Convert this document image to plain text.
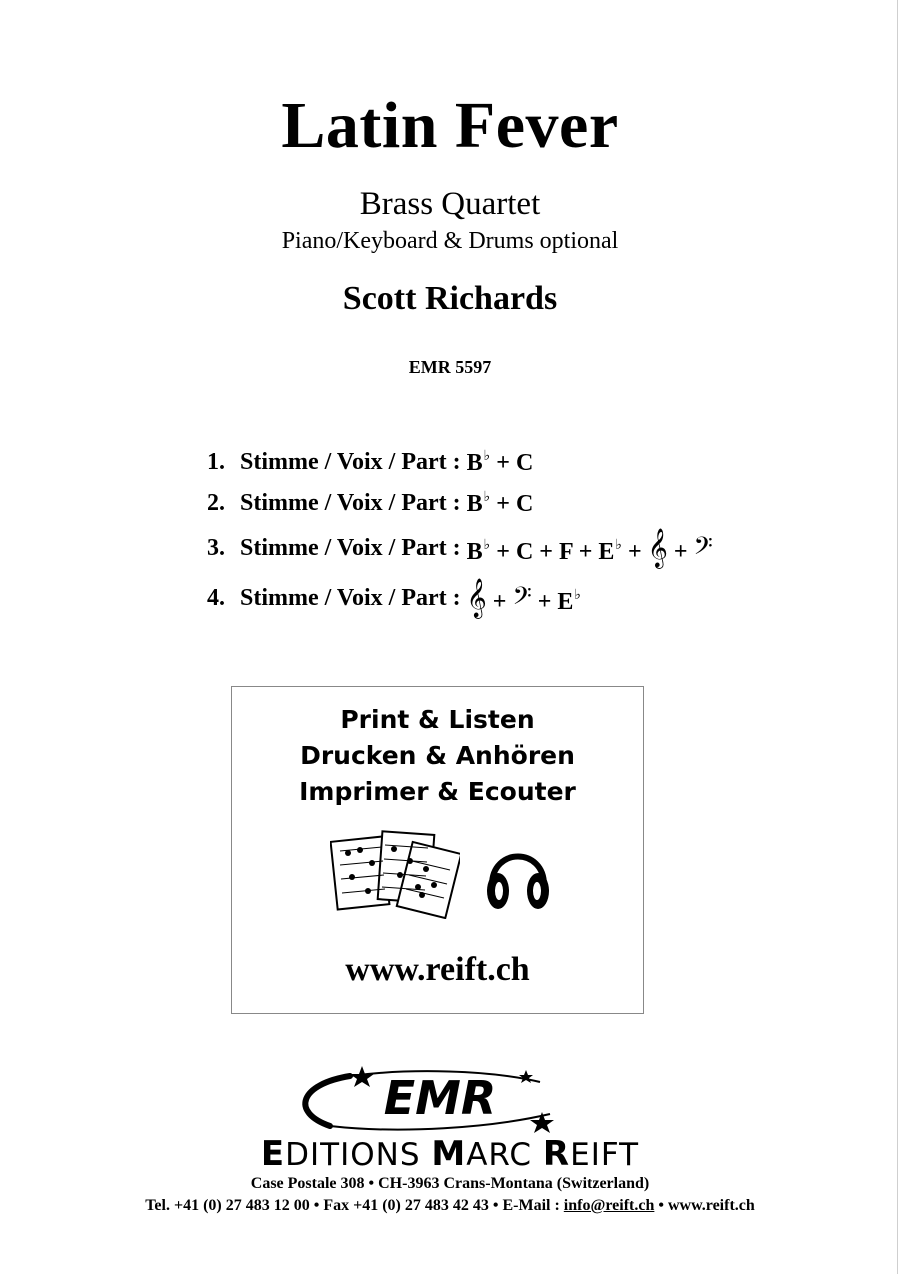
Latin Fever
Brass Quartet
Piano/Keyboard & Drums optional
Scott Richards
EMR 5597
1. Stimme / Voix / Part :
B♭ + C
2. Stimme / Voix / Part :
B♭ + C
3. Stimme / Voix / Part :
B♭ + C + F + E♭ + 𝄞 + 𝄢
4. Stimme / Voix / Part :
𝄞 + 𝄢 + E♭
Print & Listen
Drucken & Anhören
Imprimer & Ecouter
www.reift.ch
EMR
EDITIONS MARC REIFT
Case Postale 308 • CH-3963 Crans-Montana (Switzerland)
Tel. +41 (0) 27 483 12 00 • Fax +41 (0) 27 483 42 43 • E-Mail : info@reift.ch • www.reift.ch
